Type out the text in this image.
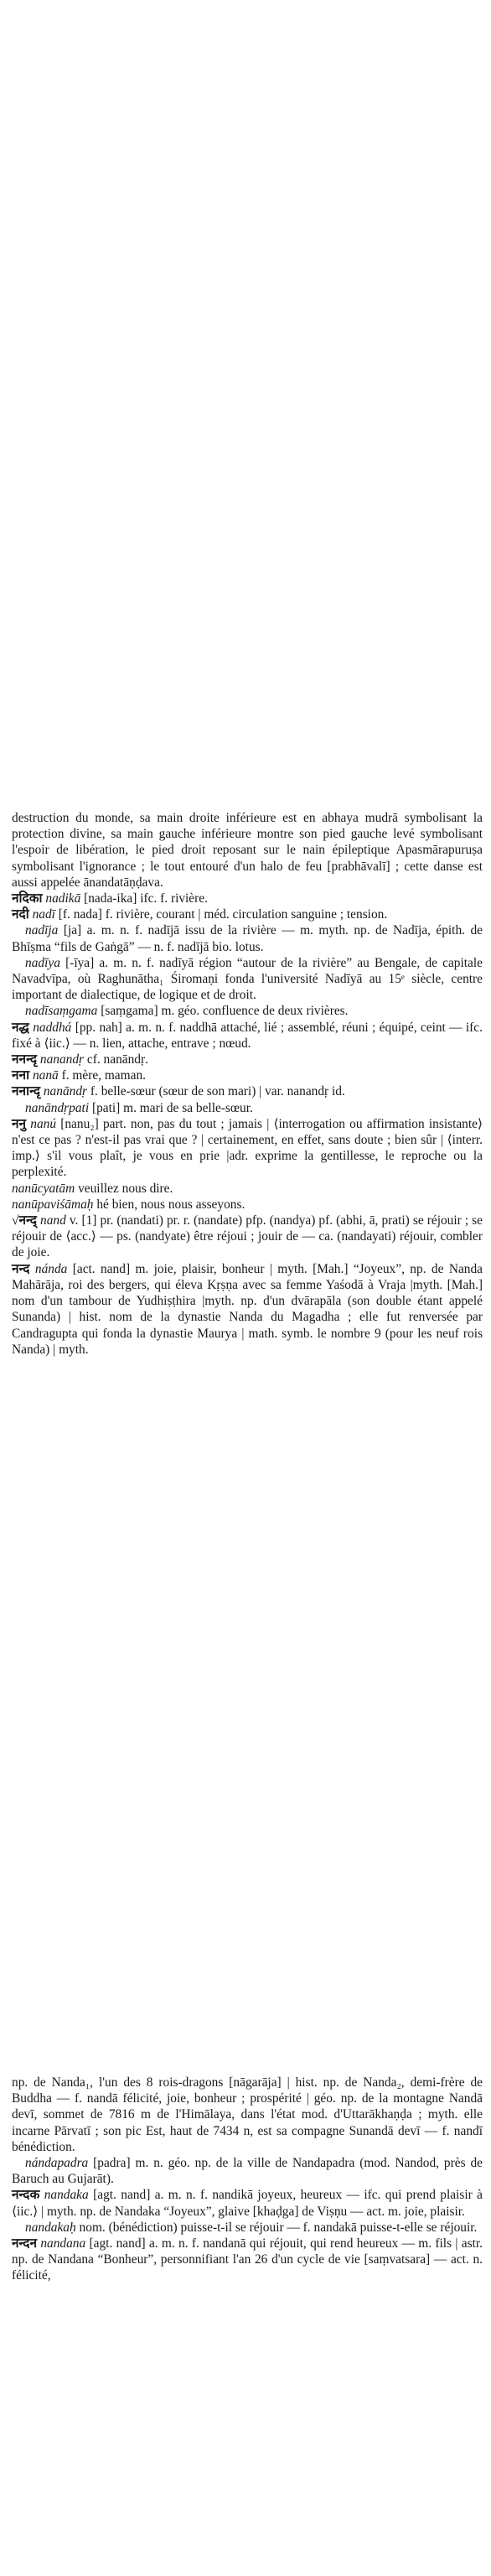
destruction du monde, sa main droite inférieure est en abhaya mudrā symbolisant la protection divine, sa main gauche inférieure montre son pied gauche levé symbolisant l'espoir de libération, le pied droit reposant sur le nain épileptique Apasmārapuruṣa symbolisant l'ignorance ; le tout entouré d'un halo de feu [prabhāvalī] ; cette danse est aussi appelée ānandatāṇḍava.

नदिका nadikā [nada-ika] ifc. f. rivière.

नदी nadī [f. nada] f. rivière, courant | méd. circulation sanguine ; tension.

nadīja [ja] a. m. n. f. nadījā issu de la rivière — m. myth. np. de Nadīja, épith. de Bhīṣma “fils de Gaṅgā” — n. f. nadījā bio. lotus.

nadīya [-īya] a. m. n. f. nadīyā région “autour de la rivière” au Bengale, de capitale Navadvīpa, où Raghunātha₁ Śiromaṇi fonda l'université Nadīyā au 15ᵉ siècle, centre important de dialectique, de logique et de droit.

nadīsaṃgama [saṃgama] m. géo. confluence de deux rivières.

नद्ध naddhá [pp. nah] a. m. n. f. naddhā attaché, lié ; assemblé, réuni ; équipé, ceint — ifc. fixé à ⟨iic.⟩ — n. lien, attache, entrave ; nœud.

ननन्दृ nanandṛ cf. nanāndṛ.

नना nanā f. mère, maman.

ननान्दृ nanāndṛ f. belle-sœur (sœur de son mari) | var. nanandṛ id.

nanāndṛpati [pati] m. mari de sa belle-sœur.

ननु nanú [nanu₂] part. non, pas du tout ; jamais | ⟨interrogation ou affirmation insistante⟩ n'est ce pas ? n'est-il pas vrai que ? | certainement, en effet, sans doute ; bien sûr | ⟨interr. imp.⟩ s'il vous plaît, je vous en prie |adr. exprime la gentillesse, le reproche ou la perplexité.

nanūcyatām veuillez nous dire.

nanūpaviśāmaḥ hé bien, nous nous asseyons.

√नन्द् nand v. [1] pr. (nandati) pr. r. (nandate) pfp. (nandya) pf. (abhi, ā, prati) se réjouir ; se réjouir de ⟨acc.⟩ — ps. (nandyate) être réjoui ; jouir de — ca. (nandayati) réjouir, combler de joie.

नन्द nánda [act. nand] m. joie, plaisir, bonheur | myth. [Mah.] “Joyeux”, np. de Nanda Mahārāja, roi des bergers, qui éleva Kṛṣṇa avec sa femme Yaśodā à Vraja |myth. [Mah.] nom d'un tambour de Yudhiṣṭhira |myth. np. d'un dvārapāla (son double étant appelé Sunanda) | hist. nom de la dynastie Nanda du Magadha ; elle fut renversée par Candragupta qui fonda la dynastie Maurya | math. symb. le nombre 9 (pour les neuf rois Nanda) | myth.

np. de Nanda₁, l'un des 8 rois-dragons [nāgarāja] | hist. np. de Nanda₂, demi-frère de Buddha — f. nandā félicité, joie, bonheur ; prospérité | géo. np. de la montagne Nandā devī, sommet de 7816 m de l'Himālaya, dans l'état mod. d'Uttarākhaṇḍa ; myth. elle incarne Pārvatī ; son pic Est, haut de 7434 n, est sa compagne Sunandā devī — f. nandī bénédiction.

nándapadra [padra] m. n. géo. np. de la ville de Nandapadra (mod. Nandod, près de Baruch au Gujarāt).

नन्दक nandaka [agt. nand] a. m. n. f. nandikā joyeux, heureux — ifc. qui prend plaisir à ⟨iic.⟩ | myth. np. de Nandaka “Joyeux”, glaive [khaḍga] de Viṣṇu — act. m. joie, plaisir.

nandakaḥ nom. (bénédiction) puisse-t-il se réjouir — f. nandakā puisse-t-elle se réjouir.

नन्दन nandana [agt. nand] a. m. n. f. nandanā qui réjouit, qui rend heureux — m. fils | astr. np. de Nandana “Bonheur”, personnifiant l'an 26 d'un cycle de vie [saṃvatsara] — act. n. félicité,
